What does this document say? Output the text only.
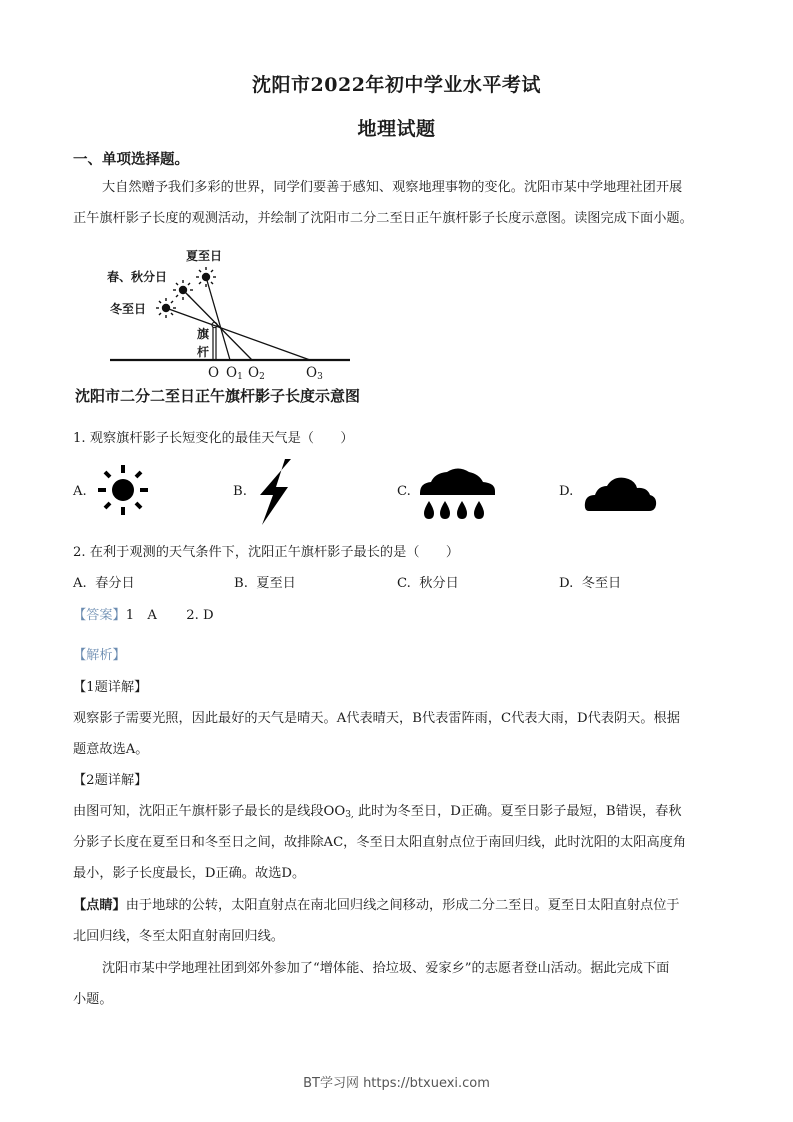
沈阳市2022年初中学业水平考试
地理试题
一、单项选择题。
大自然赠予我们多彩的世界，同学们要善于感知、观察地理事物的变化。沈阳市某中学地理社团开展
正午旗杆影子长度的观测活动，并绘制了沈阳市二分二至日正午旗杆影子长度示意图。读图完成下面小题。
夏至日
春、秋分日
冬至日
旗
杆
O $O_1$ $O_2$	$O_3$
沈阳市二分二至日正午旗杆影子长度示意图
1. 观察旗杆影子长短变化的最佳天气是（　　）
A.	B.	C.	D.
2. 在利于观测的天气条件下，沈阳正午旗杆影子最长的是（　　）
A. 春分日	B. 夏至日	C. 秋分日	D. 冬至日
【答案】1　A 2. D
【解析】
【1题详解】
观察影子需要光照，因此最好的天气是晴天。A代表晴天，B代表雷阵雨，C代表大雨，D代表阴天。根据
题意故选A。
【2题详解】
由图可知，沈阳正午旗杆影子最长的是线段$OO_{3,}$ 此时为冬至日，D正确。夏至日影子最短，B错误，春秋
分影子长度在夏至日和冬至日之间，故排除AC，冬至日太阳直射点位于南回归线，此时沈阳的太阳高度角
最小，影子长度最长，D正确。故选D。
【点睛】由于地球的公转，太阳直射点在南北回归线之间移动，形成二分二至日。夏至日太阳直射点位于
北回归线，冬至太阳直射南回归线。
沈阳市某中学地理社团到郊外参加了“增体能、拾垃圾、爱家乡”的志愿者登山活动。据此完成下面
小题。
BT学习网 https://btxuexi.com
